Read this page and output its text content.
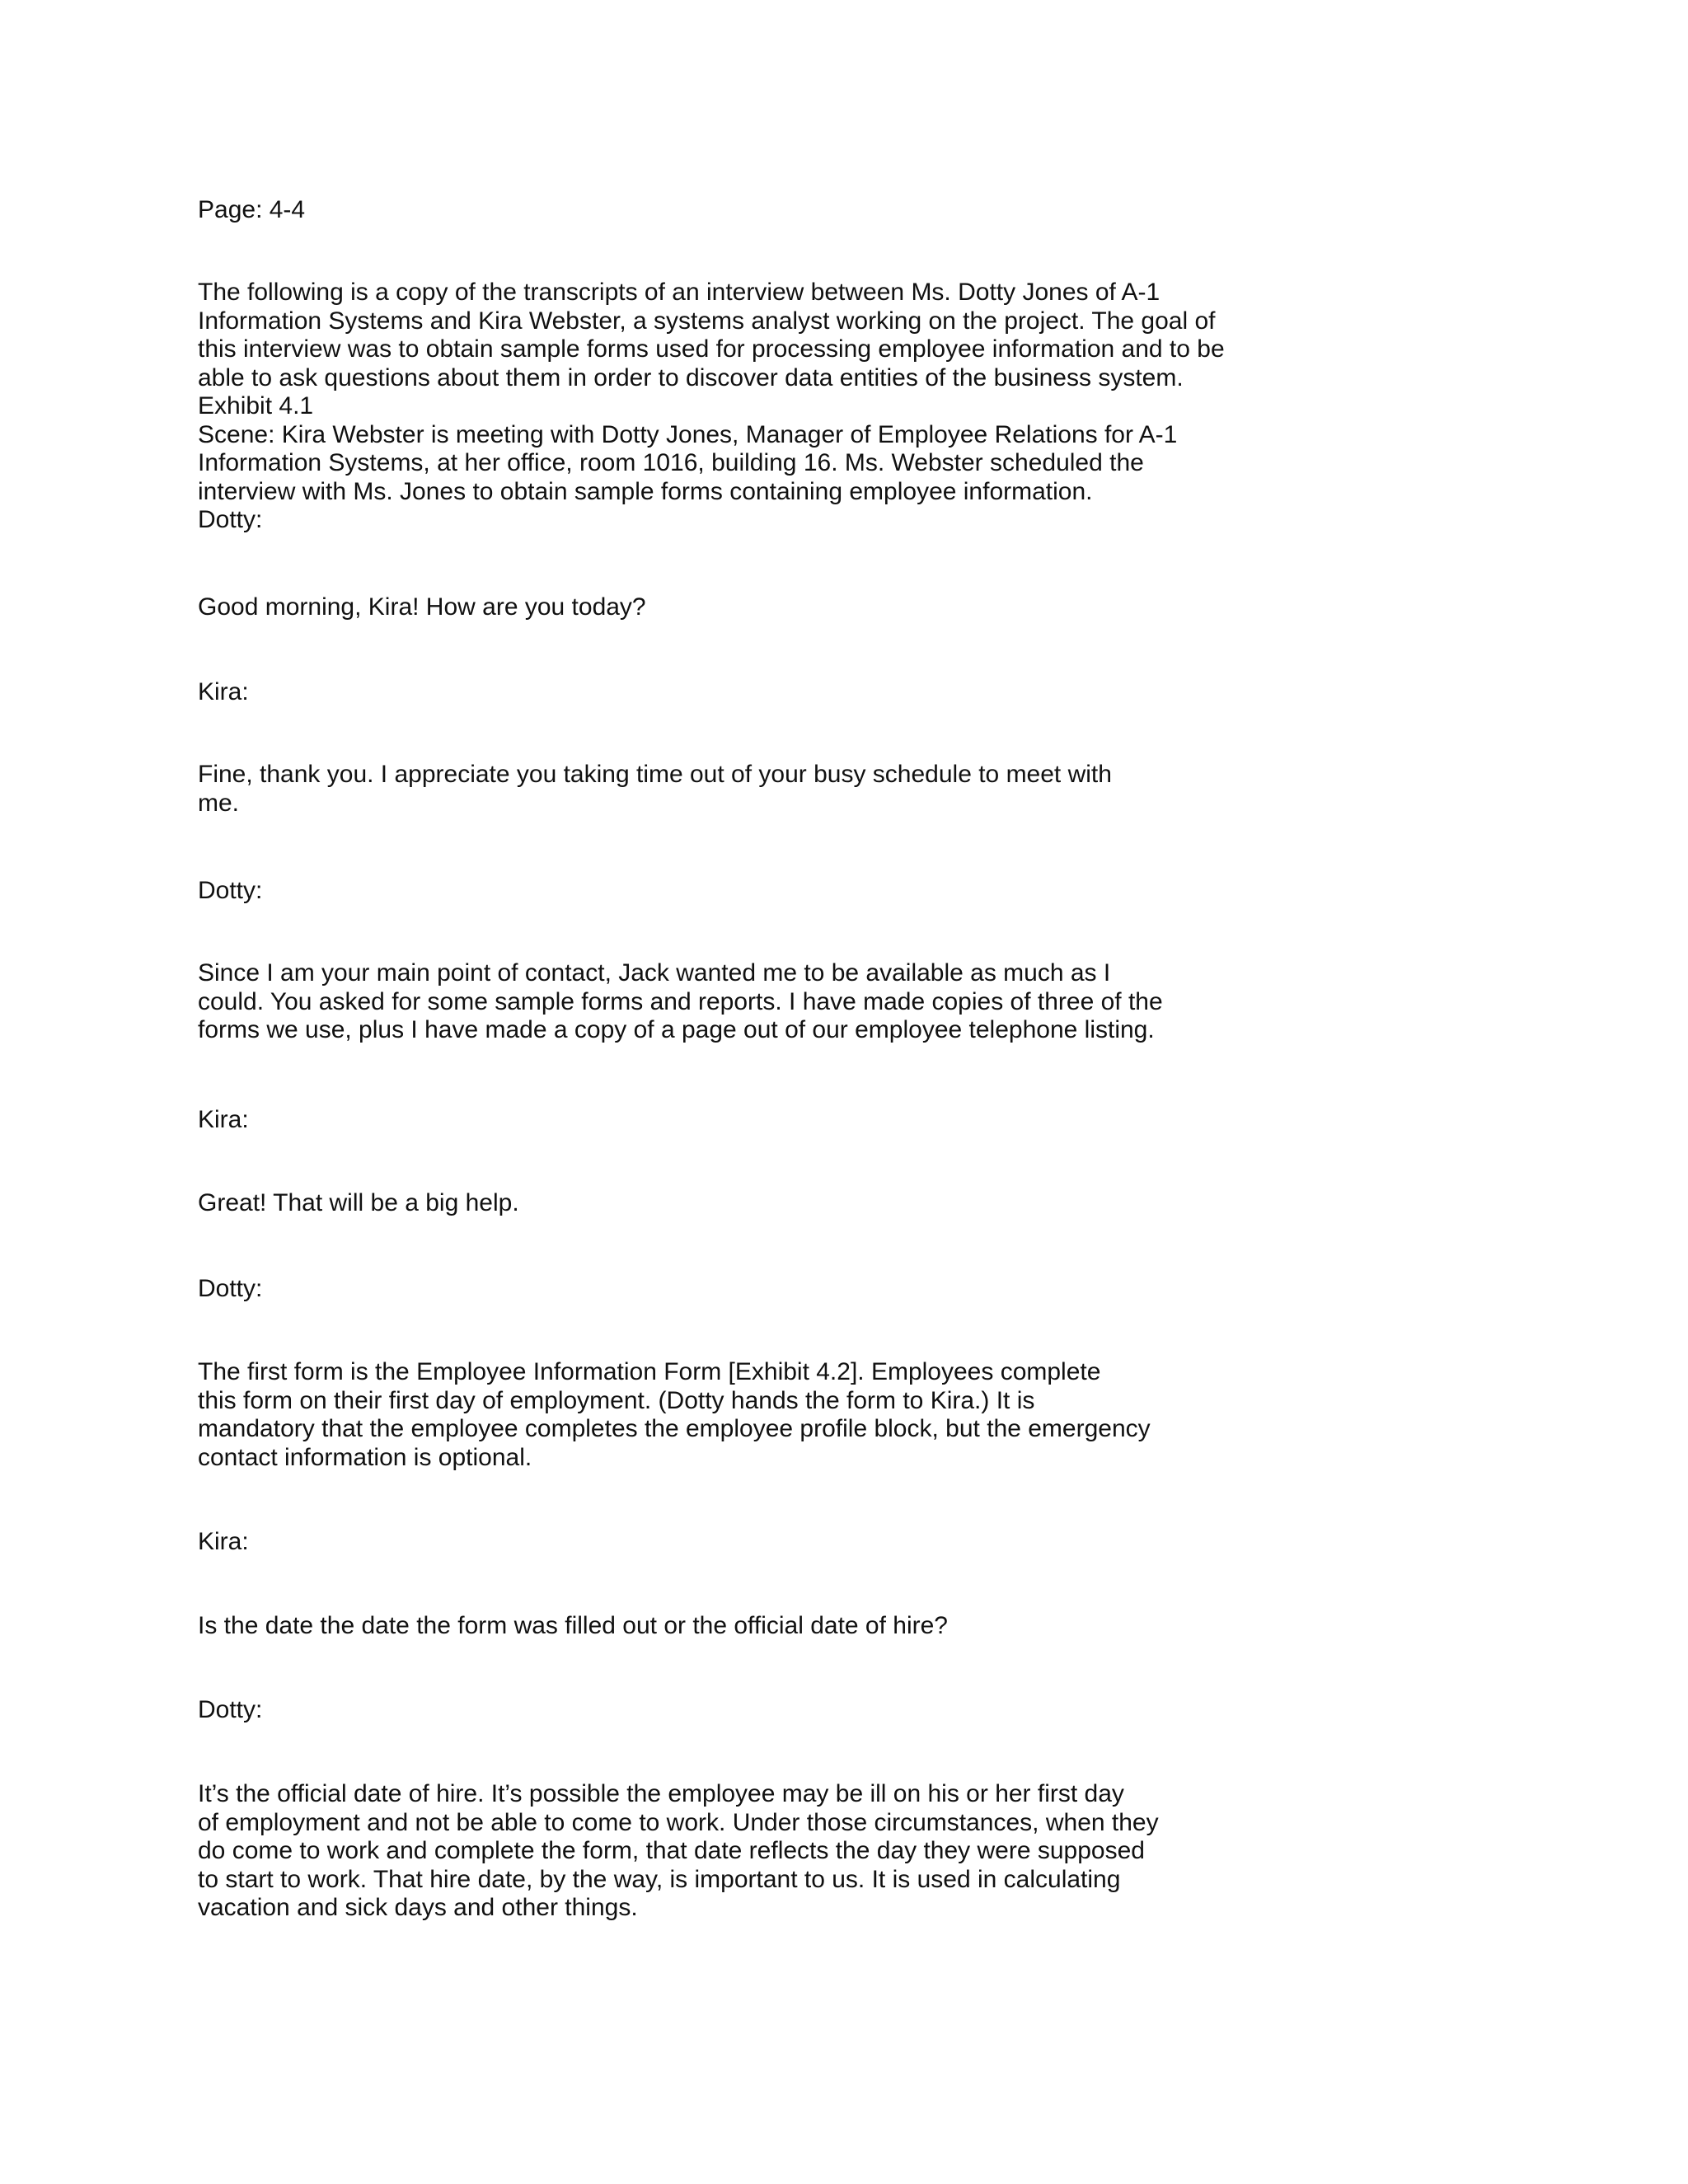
Page: 4-4

The following is a copy of the transcripts of an interview between Ms. Dotty Jones of A-1
Information Systems and Kira Webster, a systems analyst working on the project. The goal of
this interview was to obtain sample forms used for processing employee information and to be
able to ask questions about them in order to discover data entities of the business system.
Exhibit 4.1
Scene: Kira Webster is meeting with Dotty Jones, Manager of Employee Relations for A-1
Information Systems, at her office, room 1016, building 16. Ms. Webster scheduled the
interview with Ms. Jones to obtain sample forms containing employee information.
Dotty:

Good morning, Kira! How are you today?

Kira:

Fine, thank you. I appreciate you taking time out of your busy schedule to meet with
me.

Dotty:

Since I am your main point of contact, Jack wanted me to be available as much as I
could. You asked for some sample forms and reports. I have made copies of three of the
forms we use, plus I have made a copy of a page out of our employee telephone listing.

Kira:

Great! That will be a big help.

Dotty:

The first form is the Employee Information Form [Exhibit 4.2]. Employees complete
this form on their first day of employment. (Dotty hands the form to Kira.) It is
mandatory that the employee completes the employee profile block, but the emergency
contact information is optional.

Kira:

Is the date the date the form was filled out or the official date of hire?

Dotty:

It’s the official date of hire. It’s possible the employee may be ill on his or her first day
of employment and not be able to come to work. Under those circumstances, when they
do come to work and complete the form, that date reflects the day they were supposed
to start to work. That hire date, by the way, is important to us. It is used in calculating
vacation and sick days and other things.
